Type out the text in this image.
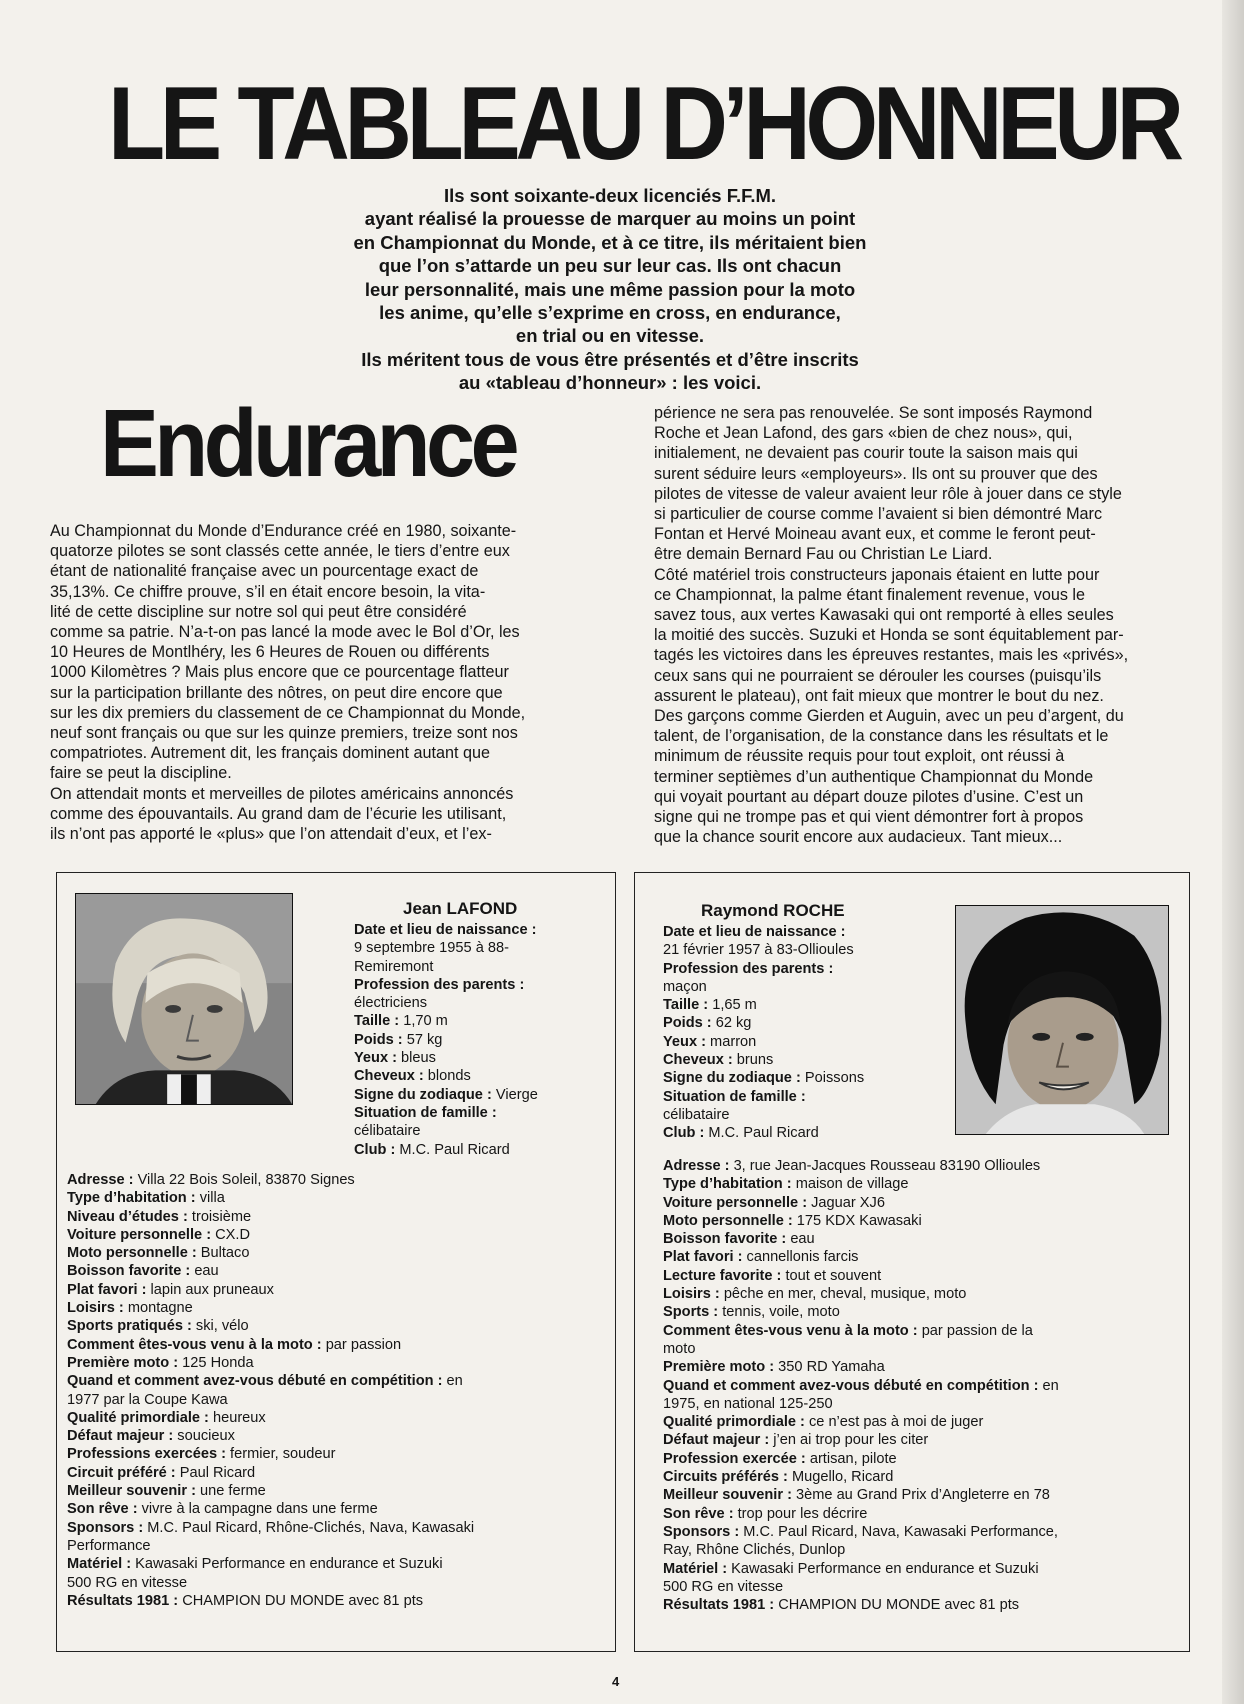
LE TABLEAU D’HONNEUR
Ils sont soixante-deux licenciés F.F.M.
ayant réalisé la prouesse de marquer au moins un point
en Championnat du Monde, et à ce titre, ils méritaient bien
que l’on s’attarde un peu sur leur cas. Ils ont chacun
leur personnalité, mais une même passion pour la moto
les anime, qu’elle s’exprime en cross, en endurance,
en trial ou en vitesse.
Ils méritent tous de vous être présentés et d’être inscrits
au «tableau d’honneur» : les voici.
Endurance
Au Championnat du Monde d’Endurance créé en 1980, soixante-
quatorze pilotes se sont classés cette année, le tiers d’entre eux
étant de nationalité française avec un pourcentage exact de
35,13%. Ce chiffre prouve, s’il en était encore besoin, la vita-
lité de cette discipline sur notre sol qui peut être considéré
comme sa patrie. N’a-t-on pas lancé la mode avec le Bol d’Or, les
10 Heures de Montlhéry, les 6 Heures de Rouen ou différents
1000 Kilomètres ? Mais plus encore que ce pourcentage flatteur
sur la participation brillante des nôtres, on peut dire encore que
sur les dix premiers du classement de ce Championnat du Monde,
neuf sont français ou que sur les quinze premiers, treize sont nos
compatriotes. Autrement dit, les français dominent autant que
faire se peut la discipline.
On attendait monts et merveilles de pilotes américains annoncés
comme des épouvantails. Au grand dam de l’écurie les utilisant,
ils n’ont pas apporté le «plus» que l’on attendait d’eux, et l’ex-
périence ne sera pas renouvelée. Se sont imposés Raymond
Roche et Jean Lafond, des gars «bien de chez nous», qui,
initialement, ne devaient pas courir toute la saison mais qui
surent séduire leurs «employeurs». Ils ont su prouver que des
pilotes de vitesse de valeur avaient leur rôle à jouer dans ce style
si particulier de course comme l’avaient si bien démontré Marc
Fontan et Hervé Moineau avant eux, et comme le feront peut-
être demain Bernard Fau ou Christian Le Liard.
Côté matériel trois constructeurs japonais étaient en lutte pour
ce Championnat, la palme étant finalement revenue, vous le
savez tous, aux vertes Kawasaki qui ont remporté à elles seules
la moitié des succès. Suzuki et Honda se sont équitablement par-
tagés les victoires dans les épreuves restantes, mais les «privés»,
ceux sans qui ne pourraient se dérouler les courses (puisqu’ils
assurent le plateau), ont fait mieux que montrer le bout du nez.
Des garçons comme Gierden et Auguin, avec un peu d’argent, du
talent, de l’organisation, de la constance dans les résultats et le
minimum de réussite requis pour tout exploit, ont réussi à
terminer septièmes d’un authentique Championnat du Monde
qui voyait pourtant au départ douze pilotes d’usine. C’est un
signe qui ne trompe pas et qui vient démontrer fort à propos
que la chance sourit encore aux audacieux. Tant mieux...
Jean LAFOND
Date et lieu de naissance :
9 septembre 1955 à 88-
Remiremont
Profession des parents :
électriciens
Taille : 1,70 m
Poids : 57 kg
Yeux : bleus
Cheveux : blonds
Signe du zodiaque : Vierge
Situation de famille :
célibataire
Club : M.C. Paul Ricard
Adresse : Villa 22 Bois Soleil, 83870 Signes
Type d’habitation : villa
Niveau d’études : troisième
Voiture personnelle : CX.D
Moto personnelle : Bultaco
Boisson favorite : eau
Plat favori : lapin aux pruneaux
Loisirs : montagne
Sports pratiqués : ski, vélo
Comment êtes-vous venu à la moto : par passion
Première moto : 125 Honda
Quand et comment avez-vous débuté en compétition : en
1977 par la Coupe Kawa
Qualité primordiale : heureux
Défaut majeur : soucieux
Professions exercées : fermier, soudeur
Circuit préféré : Paul Ricard
Meilleur souvenir : une ferme
Son rêve : vivre à la campagne dans une ferme
Sponsors : M.C. Paul Ricard, Rhône-Clichés, Nava, Kawasaki
Performance
Matériel : Kawasaki Performance en endurance et Suzuki
500 RG en vitesse
Résultats 1981 : CHAMPION DU MONDE avec 81 pts
Raymond ROCHE
Date et lieu de naissance :
21 février 1957 à 83-Ollioules
Profession des parents :
maçon
Taille : 1,65 m
Poids : 62 kg
Yeux : marron
Cheveux : bruns
Signe du zodiaque : Poissons
Situation de famille :
célibataire
Club : M.C. Paul Ricard
Adresse : 3, rue Jean-Jacques Rousseau 83190 Ollioules
Type d’habitation : maison de village
Voiture personnelle : Jaguar XJ6
Moto personnelle : 175 KDX Kawasaki
Boisson favorite : eau
Plat favori : cannellonis farcis
Lecture favorite : tout et souvent
Loisirs : pêche en mer, cheval, musique, moto
Sports : tennis, voile, moto
Comment êtes-vous venu à la moto : par passion de la
moto
Première moto : 350 RD Yamaha
Quand et comment avez-vous débuté en compétition : en
1975, en national 125-250
Qualité primordiale : ce n’est pas à moi de juger
Défaut majeur : j’en ai trop pour les citer
Profession exercée : artisan, pilote
Circuits préférés : Mugello, Ricard
Meilleur souvenir : 3ème au Grand Prix d’Angleterre en 78
Son rêve : trop pour les décrire
Sponsors : M.C. Paul Ricard, Nava, Kawasaki Performance,
Ray, Rhône Clichés, Dunlop
Matériel : Kawasaki Performance en endurance et Suzuki
500 RG en vitesse
Résultats 1981 : CHAMPION DU MONDE avec 81 pts
4
